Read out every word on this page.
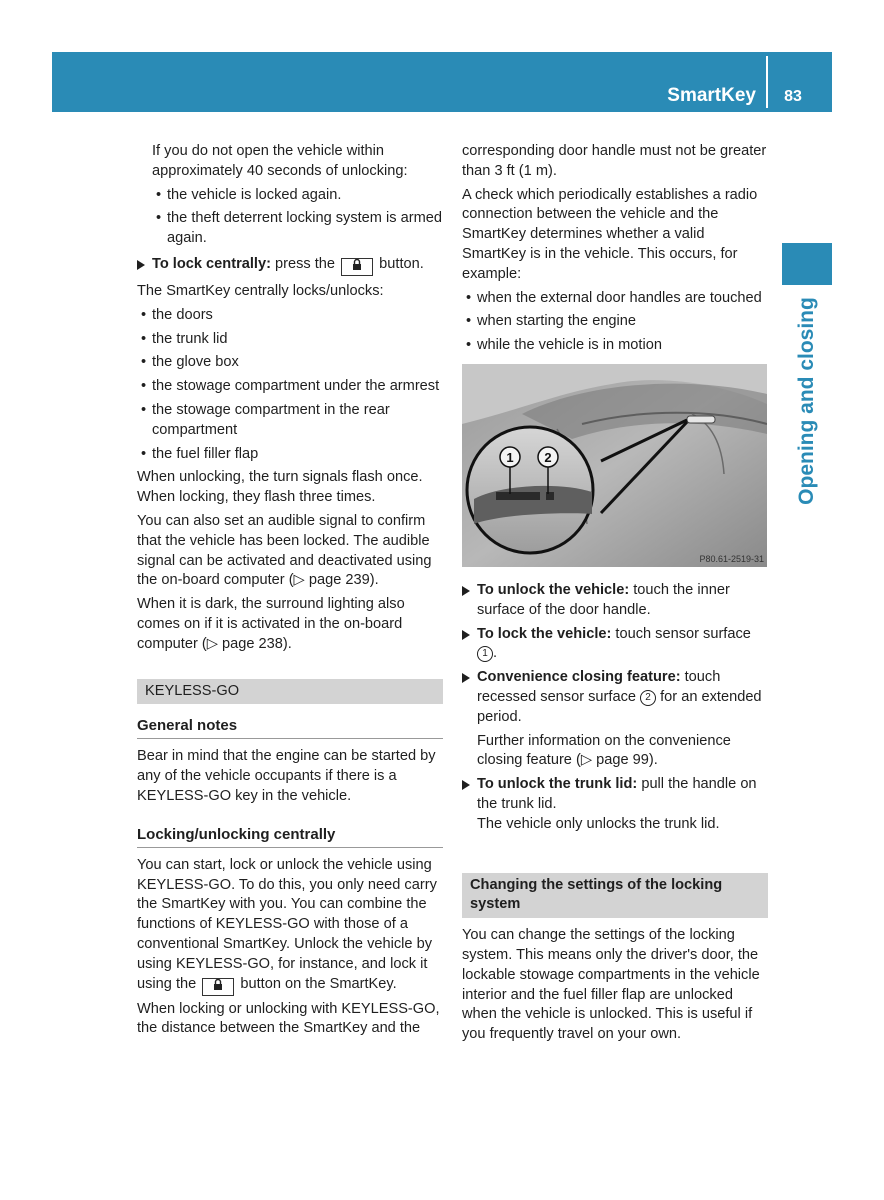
SmartKey	83
Opening and closing

If you do not open the vehicle within approximately 40 seconds of unlocking:

• the vehicle is locked again.
• the theft deterrent locking system is armed again.
To lock centrally: press the	button.

The SmartKey centrally locks/unlocks:

• the doors
• the trunk lid
• the glove box
• the stowage compartment under the armrest
• the stowage compartment in the rear compartment
• the fuel filler flap

When unlocking, the turn signals flash once. When locking, they flash three times.

You can also set an audible signal to confirm that the vehicle has been locked. The audible signal can be activated and deactivated using the on-board computer (▷ page 239).

When it is dark, the surround lighting also comes on if it is activated in the on-board computer (▷ page 238).

KEYLESS-GO
General notes

Bear in mind that the engine can be started by any of the vehicle occupants if there is a KEYLESS-GO key in the vehicle.

Locking/unlocking centrally

You can start, lock or unlock the vehicle using KEYLESS-GO. To do this, you only need carry the SmartKey with you. You can combine the functions of KEYLESS-GO with those of a conventional SmartKey. Unlock the vehicle by using KEYLESS-GO, for instance, and lock it using the	button on the SmartKey.

When locking or unlocking with KEYLESS-GO, the distance between the SmartKey and the

corresponding door handle must not be greater than 3 ft (1 m).

A check which periodically establishes a radio connection between the vehicle and the SmartKey determines whether a valid SmartKey is in the vehicle. This occurs, for example:

• when the external door handles are touched
• when starting the engine
• while the vehicle is in motion
1 2
P80.61-2519-31
To unlock the vehicle: touch the inner surface of the door handle.
To lock the vehicle: touch sensor surface 1 .
Convenience closing feature: touch recessed sensor surface 2 for an extended period.

Further information on the convenience closing feature (▷ page 99).

To unlock the trunk lid: pull the handle on the trunk lid.

The vehicle only unlocks the trunk lid.

Changing the settings of the locking system

You can change the settings of the locking system. This means only the driver's door, the lockable stowage compartments in the vehicle interior and the fuel filler flap are unlocked when the vehicle is unlocked. This is useful if you frequently travel on your own.
